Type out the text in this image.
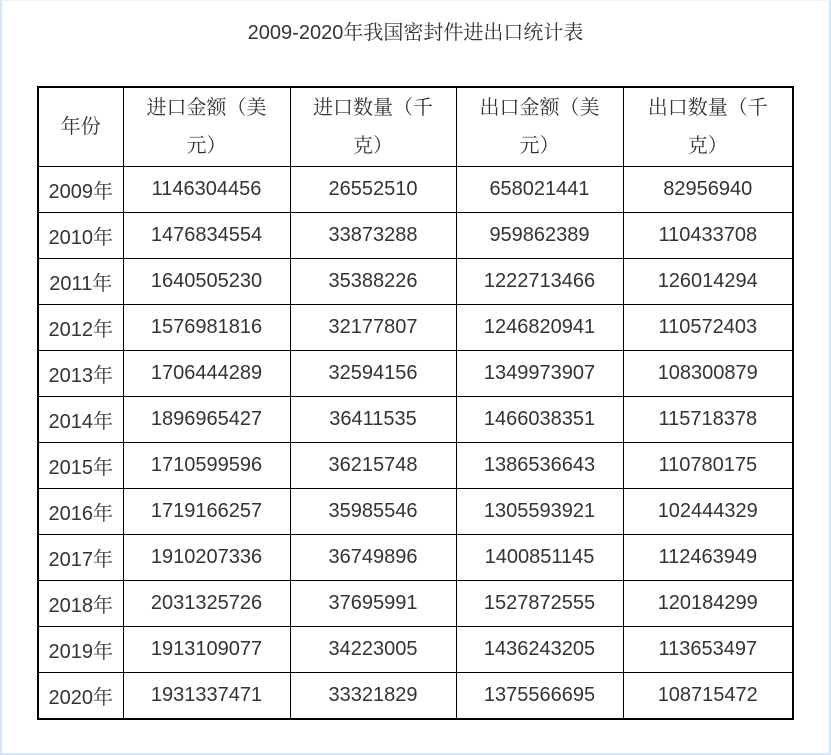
2009-2020年我国密封件进出口统计表
年份	进口金额（美元）	进口数量（千克）	出口金额（美元）	出口数量（千克）
2009年	1146304456	26552510	658021441	82956940
2010年	1476834554	33873288	959862389	110433708
2011年	1640505230	35388226	1222713466	126014294
2012年	1576981816	32177807	1246820941	110572403
2013年	1706444289	32594156	1349973907	108300879
2014年	1896965427	36411535	1466038351	115718378
2015年	1710599596	36215748	1386536643	110780175
2016年	1719166257	35985546	1305593921	102444329
2017年	1910207336	36749896	1400851145	112463949
2018年	2031325726	37695991	1527872555	120184299
2019年	1913109077	34223005	1436243205	113653497
2020年	1931337471	33321829	1375566695	108715472
